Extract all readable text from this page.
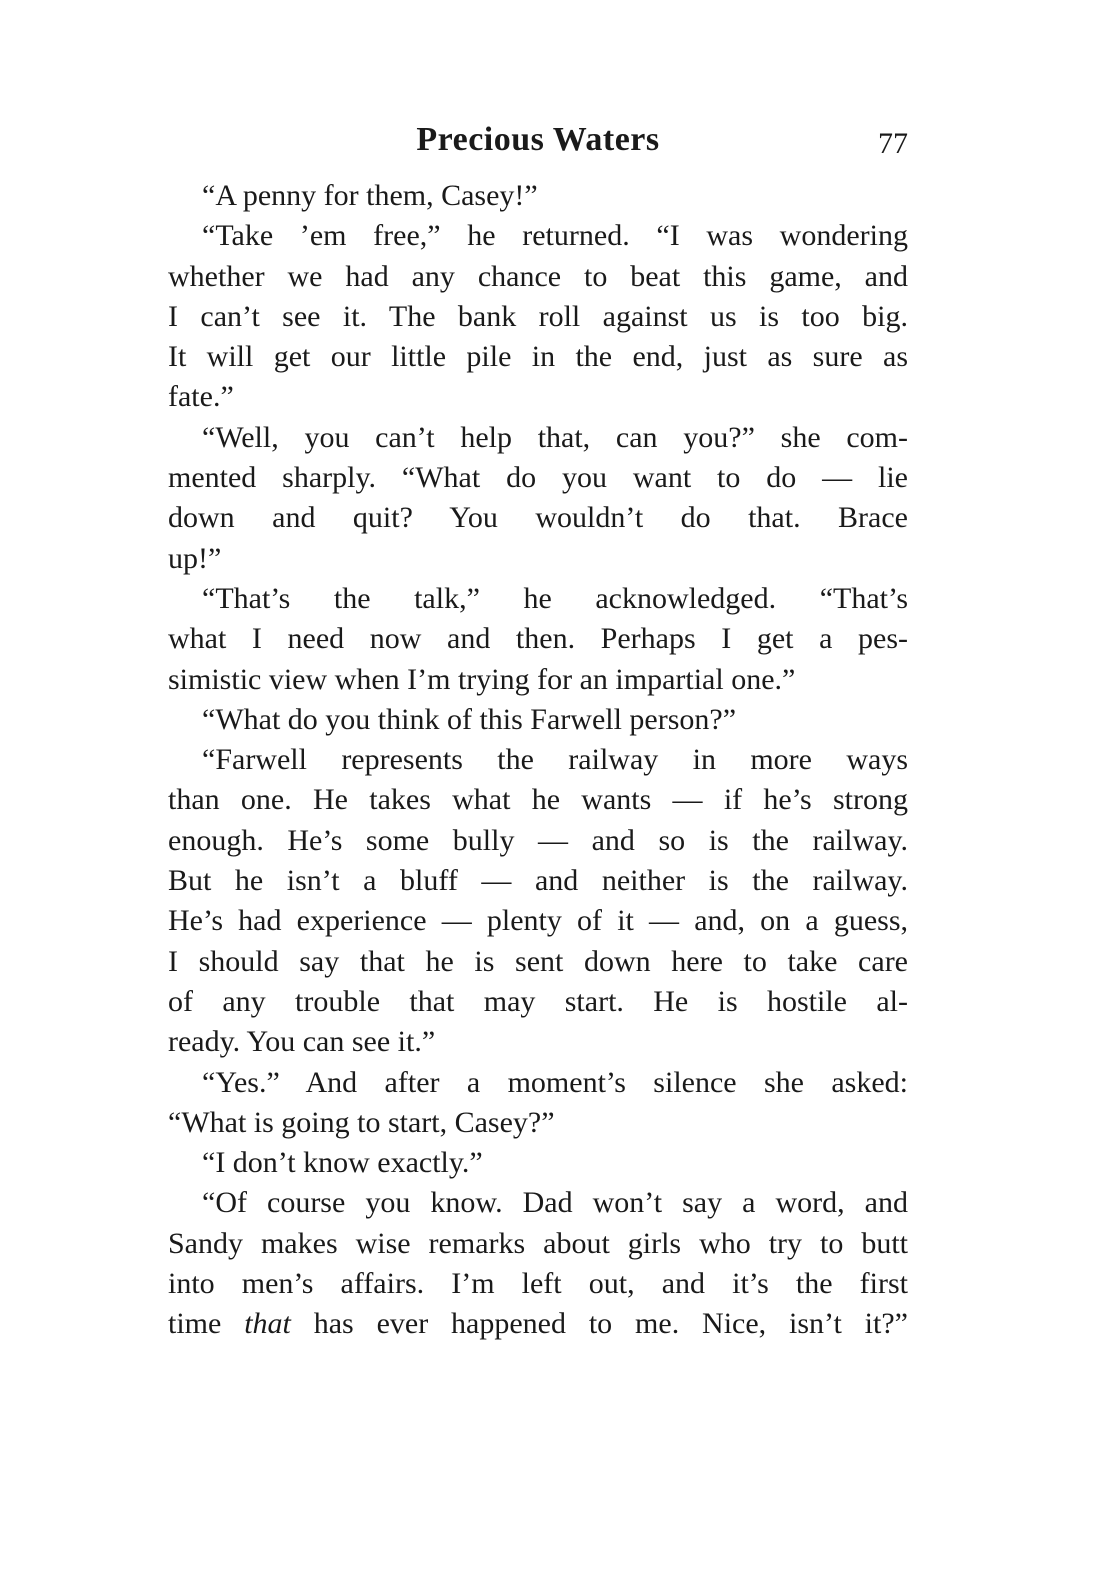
Precious Waters	77
“A penny for them, Casey!”
“Take ’em free,” he returned. “I was wondering
whether we had any chance to beat this game, and
I can’t see it. The bank roll against us is too big.
It will get our little pile in the end, just as sure as
fate.”
“Well, you can’t help that, can you?” she com-
mented sharply. “What do you want to do — lie
down and quit? You wouldn’t do that. Brace
up!”
“That’s the talk,” he acknowledged. “That’s
what I need now and then. Perhaps I get a pes-
simistic view when I’m trying for an impartial one.”
“What do you think of this Farwell person?”
“Farwell represents the railway in more ways
than one. He takes what he wants — if he’s strong
enough. He’s some bully — and so is the railway.
But he isn’t a bluff — and neither is the railway.
He’s had experience — plenty of it — and, on a guess,
I should say that he is sent down here to take care
of any trouble that may start. He is hostile al-
ready. You can see it.”
“Yes.” And after a moment’s silence she asked:
“What is going to start, Casey?”
“I don’t know exactly.”
“Of course you know. Dad won’t say a word, and
Sandy makes wise remarks about girls who try to butt
into men’s affairs. I’m left out, and it’s the first
time that has ever happened to me. Nice, isn’t it?”
